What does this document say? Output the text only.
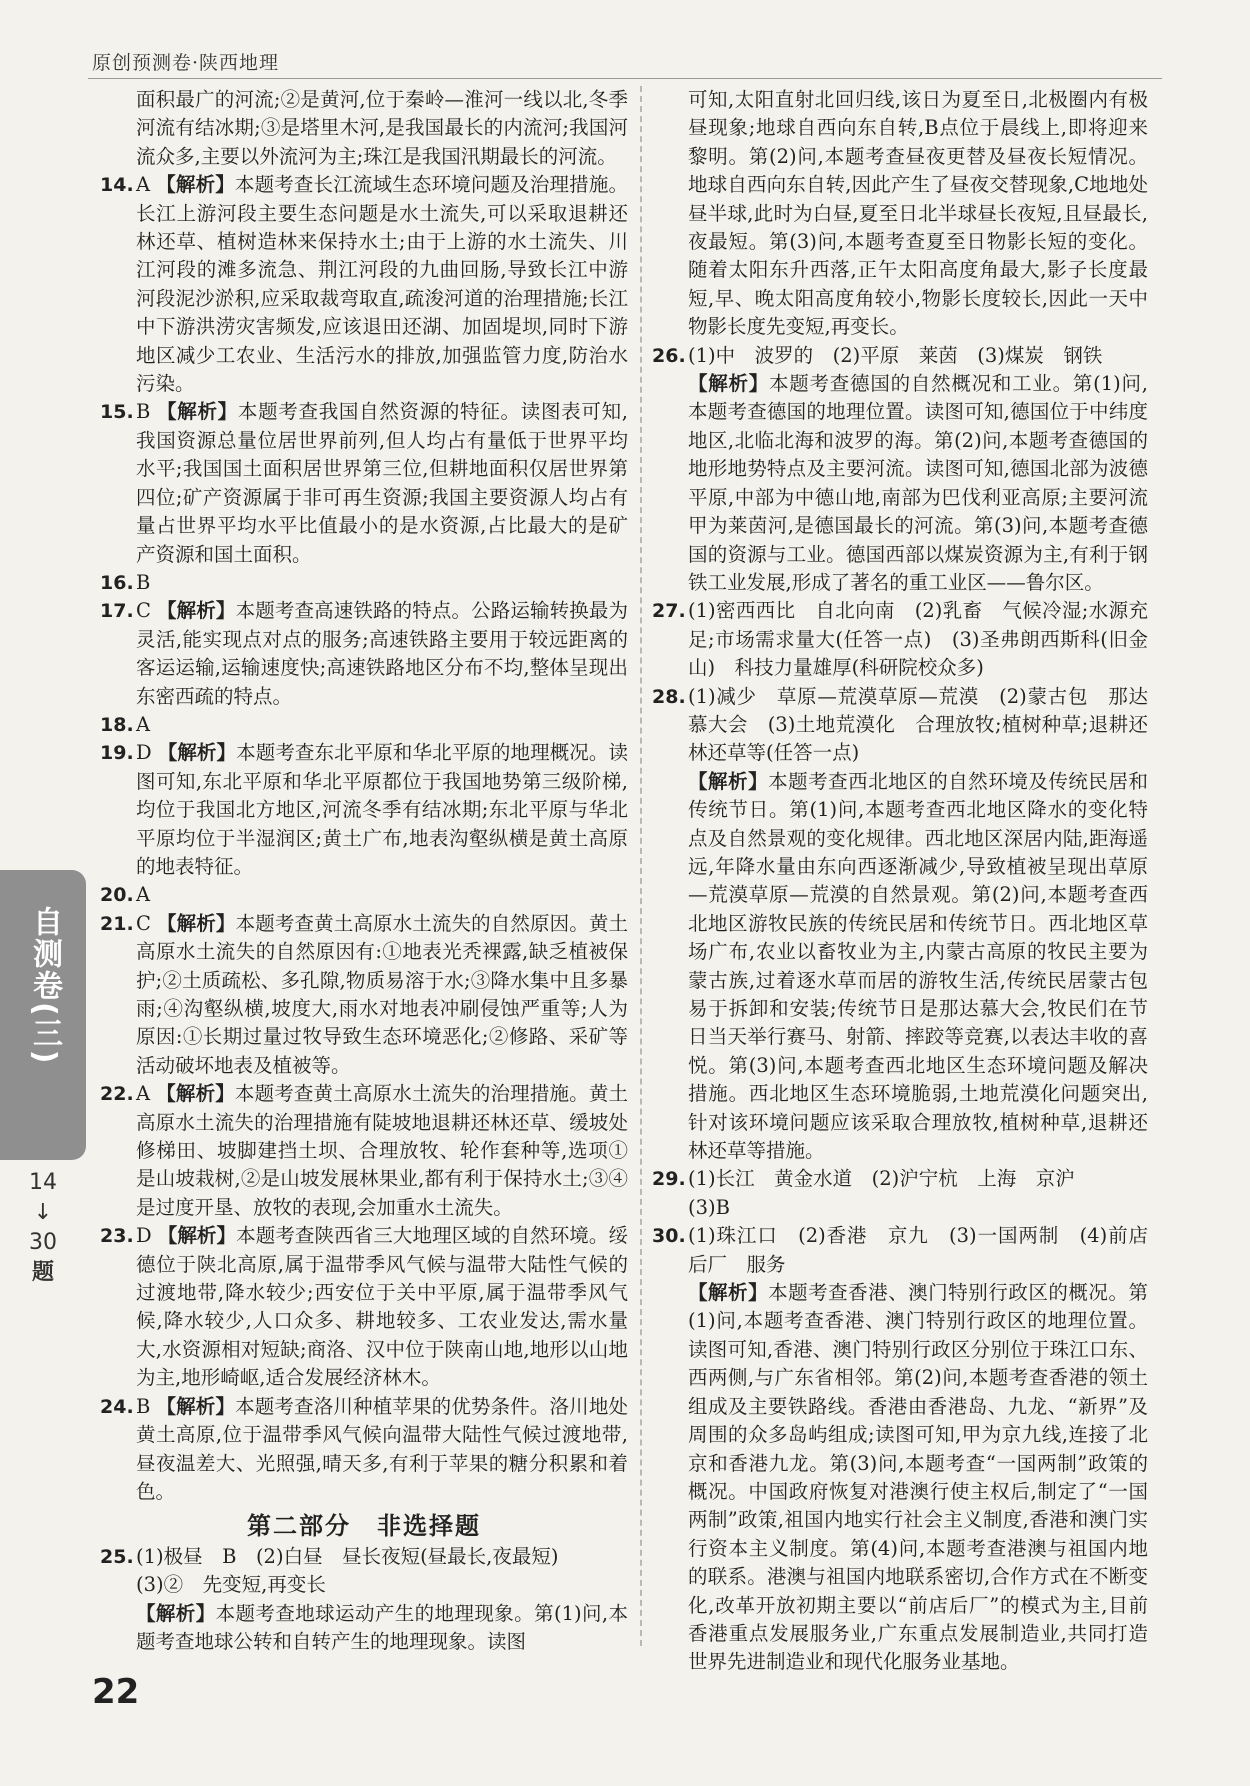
原创预测卷·陕西地理

面积最广的河流;②是黄河,位于秦岭—淮河一线以北,冬季河流有结冰期;③是塔里木河,是我国最长的内流河;我国河流众多,主要以外流河为主;珠江是我国汛期最长的河流。

14. A 【解析】本题考查长江流域生态环境问题及治理措施。长江上游河段主要生态问题是水土流失,可以采取退耕还林还草、植树造林来保持水土;由于上游的水土流失、川江河段的滩多流急、荆江河段的九曲回肠,导致长江中游河段泥沙淤积,应采取裁弯取直,疏浚河道的治理措施;长江中下游洪涝灾害频发,应该退田还湖、加固堤坝,同时下游地区减少工农业、生活污水的排放,加强监管力度,防治水污染。

15. B 【解析】本题考查我国自然资源的特征。读图表可知,我国资源总量位居世界前列,但人均占有量低于世界平均水平;我国国土面积居世界第三位,但耕地面积仅居世界第四位;矿产资源属于非可再生资源;我国主要资源人均占有量占世界平均水平比值最小的是水资源,占比最大的是矿产资源和国土面积。

16. B

17. C 【解析】本题考查高速铁路的特点。公路运输转换最为灵活,能实现点对点的服务;高速铁路主要用于较远距离的客运运输,运输速度快;高速铁路地区分布不均,整体呈现出东密西疏的特点。

18. A

19. D 【解析】本题考查东北平原和华北平原的地理概况。读图可知,东北平原和华北平原都位于我国地势第三级阶梯,均位于我国北方地区,河流冬季有结冰期;东北平原与华北平原均位于半湿润区;黄土广布,地表沟壑纵横是黄土高原的地表特征。

20. A

21. C 【解析】本题考查黄土高原水土流失的自然原因。黄土高原水土流失的自然原因有:①地表光秃裸露,缺乏植被保护;②土质疏松、多孔隙,物质易溶于水;③降水集中且多暴雨;④沟壑纵横,坡度大,雨水对地表冲刷侵蚀严重等;人为原因:①长期过量过牧导致生态环境恶化;②修路、采矿等活动破坏地表及植被等。

22. A 【解析】本题考查黄土高原水土流失的治理措施。黄土高原水土流失的治理措施有陡坡地退耕还林还草、缓坡处修梯田、坡脚建挡土坝、合理放牧、轮作套种等,选项①是山坡栽树,②是山坡发展林果业,都有利于保持水土;③④是过度开垦、放牧的表现,会加重水土流失。

23. D 【解析】本题考查陕西省三大地理区域的自然环境。绥德位于陕北高原,属于温带季风气候与温带大陆性气候的过渡地带,降水较少;西安位于关中平原,属于温带季风气候,降水较少,人口众多、耕地较多、工农业发达,需水量大,水资源相对短缺;商洛、汉中位于陕南山地,地形以山地为主,地形崎岖,适合发展经济林木。

24. B 【解析】本题考查洛川种植苹果的优势条件。洛川地处黄土高原,位于温带季风气候向温带大陆性气候过渡地带,昼夜温差大、光照强,晴天多,有利于苹果的糖分积累和着色。

第二部分　非选择题
25. (1)极昼　B　(2)白昼　昼长夜短(昼最长,夜最短)
(3)②　先变短,再变长

【解析】本题考查地球运动产生的地理现象。第(1)问,本题考查地球公转和自转产生的地理现象。读图

可知,太阳直射北回归线,该日为夏至日,北极圈内有极昼现象;地球自西向东自转,B点位于晨线上,即将迎来黎明。第(2)问,本题考查昼夜更替及昼夜长短情况。地球自西向东自转,因此产生了昼夜交替现象,C地地处昼半球,此时为白昼,夏至日北半球昼长夜短,且昼最长,夜最短。第(3)问,本题考查夏至日物影长短的变化。随着太阳东升西落,正午太阳高度角最大,影子长度最短,早、晚太阳高度角较小,物影长度较长,因此一天中物影长度先变短,再变长。

26. (1)中　波罗的　(2)平原　莱茵　(3)煤炭　钢铁
【解析】本题考查德国的自然概况和工业。第(1)问,本题考查德国的地理位置。读图可知,德国位于中纬度地区,北临北海和波罗的海。第(2)问,本题考查德国的地形地势特点及主要河流。读图可知,德国北部为波德平原,中部为中德山地,南部为巴伐利亚高原;主要河流甲为莱茵河,是德国最长的河流。第(3)问,本题考查德国的资源与工业。德国西部以煤炭资源为主,有利于钢铁工业发展,形成了著名的重工业区——鲁尔区。
27. (1)密西西比　自北向南　(2)乳畜　气候冷湿;水源充足;市场需求量大(任答一点)　(3)圣弗朗西斯科(旧金山)　科技力量雄厚(科研院校众多)
28. (1)减少　草原—荒漠草原—荒漠　(2)蒙古包　那达慕大会　(3)土地荒漠化　合理放牧;植树种草;退耕还林还草等(任答一点)
【解析】本题考查西北地区的自然环境及传统民居和传统节日。第(1)问,本题考查西北地区降水的变化特点及自然景观的变化规律。西北地区深居内陆,距海遥远,年降水量由东向西逐渐减少,导致植被呈现出草原—荒漠草原—荒漠的自然景观。第(2)问,本题考查西北地区游牧民族的传统民居和传统节日。西北地区草场广布,农业以畜牧业为主,内蒙古高原的牧民主要为蒙古族,过着逐水草而居的游牧生活,传统民居蒙古包易于拆卸和安装;传统节日是那达慕大会,牧民们在节日当天举行赛马、射箭、摔跤等竞赛,以表达丰收的喜悦。第(3)问,本题考查西北地区生态环境问题及解决措施。西北地区生态环境脆弱,土地荒漠化问题突出,针对该环境问题应该采取合理放牧,植树种草,退耕还林还草等措施。
29. (1)长江　黄金水道　(2)沪宁杭　上海　京沪
(3)B
30. (1)珠江口　(2)香港　京九　(3)一国两制　(4)前店后厂　服务
【解析】本题考查香港、澳门特别行政区的概况。第(1)问,本题考查香港、澳门特别行政区的地理位置。读图可知,香港、澳门特别行政区分别位于珠江口东、西两侧,与广东省相邻。第(2)问,本题考查香港的领土组成及主要铁路线。香港由香港岛、九龙、“新界”及周围的众多岛屿组成;读图可知,甲为京九线,连接了北京和香港九龙。第(3)问,本题考查“一国两制”政策的概况。中国政府恢复对港澳行使主权后,制定了“一国两制”政策,祖国内地实行社会主义制度,香港和澳门实行资本主义制度。第(4)问,本题考查港澳与祖国内地的联系。港澳与祖国内地联系密切,合作方式在不断变化,改革开放初期主要以“前店后厂”的模式为主,目前香港重点发展服务业,广东重点发展制造业,共同打造世界先进制造业和现代化服务业基地。
自测卷(三)
14
↓
30
题
22
